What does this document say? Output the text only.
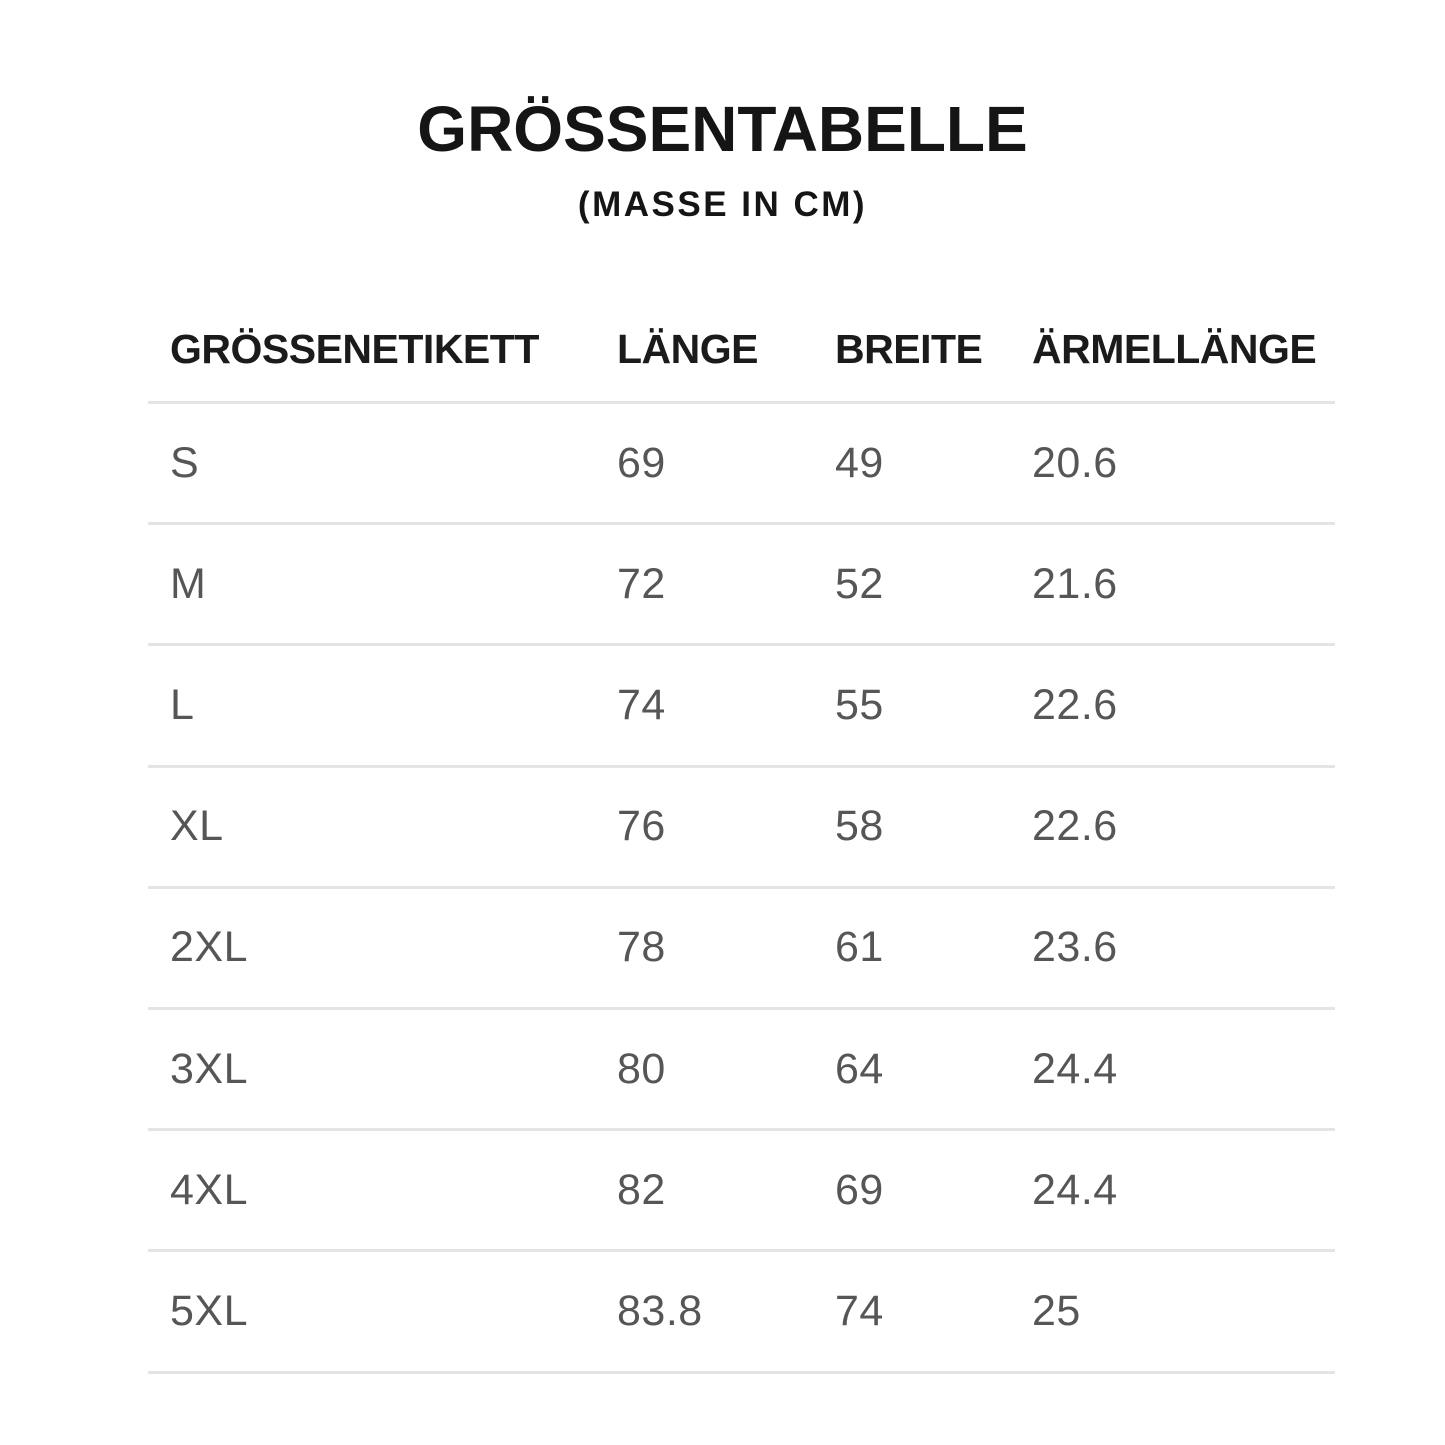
GRÖSSENTABELLE
(MASSE IN CM)
GRÖSSENETIKETT	LÄNGE	BREITE	ÄRMELLÄNGE
S	69	49	20.6
M	72	52	21.6
L	74	55	22.6
XL	76	58	22.6
2XL	78	61	23.6
3XL	80	64	24.4
4XL	82	69	24.4
5XL	83.8	74	25
